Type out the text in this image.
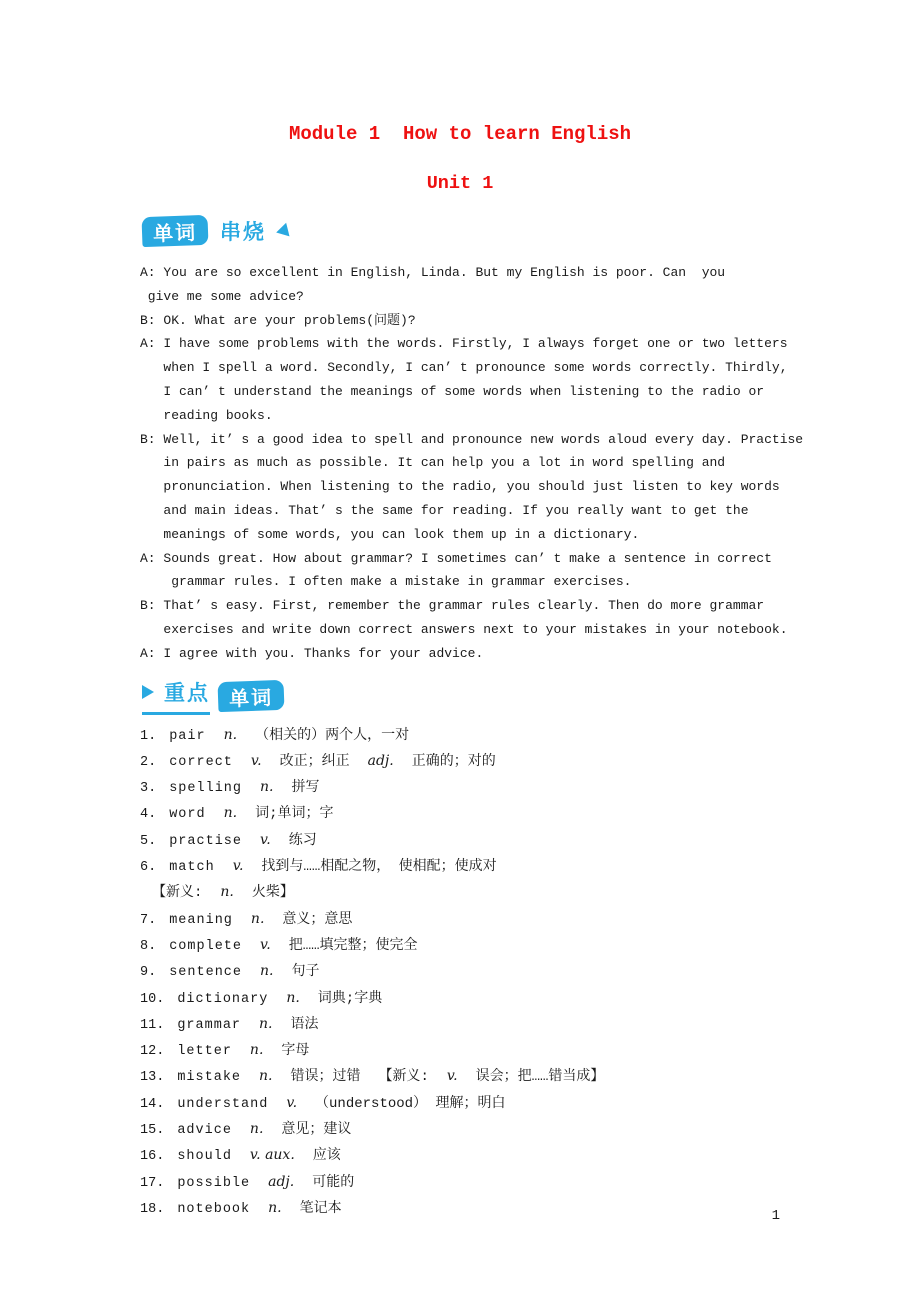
Module 1  How to learn English
Unit 1
单词	串烧
A: You are so excellent in English, Linda. But my English is poor. Can  you
give me some advice?
B: OK. What are your problems(问题)?
A: I have some problems with the words. Firstly, I always forget one or two letters
when I spell a word. Secondly, I can’ t pronounce some words correctly. Thirdly,
I can’ t understand the meanings of some words when listening to the radio or
reading books.
B: Well, it’ s a good idea to spell and pronounce new words aloud every day. Practise
in pairs as much as possible. It can help you a lot in word spelling and
pronunciation. When listening to the radio, you should just listen to key words
and main ideas. That’ s the same for reading. If you really want to get the
meanings of some words, you can look them up in a dictionary.
A: Sounds great. How about grammar? I sometimes can’ t make a sentence in correct
grammar rules. I often make a mistake in grammar exercises.
B: That’ s easy. First, remember the grammar rules clearly. Then do more grammar
exercises and write down correct answers next to your mistakes in your notebook.
A: I agree with you. Thanks for your advice.
重点 单词
1. pair n. （相关的）两个人，一对
2. correct v. 改正；纠正 adj. 正确的；对的
3. spelling n. 拼写
4. word n. 词;单词；字
5. practise v. 练习
6. match v. 找到与……相配之物， 使相配；使成对
【新义: n. 火柴】
7. meaning n. 意义；意思
8. complete v. 把……填完整；使完全
9. sentence n. 句子
10. dictionary n. 词典;字典
11. grammar n. 语法
12. letter n. 字母
13. mistake n. 错误；过错 【新义: v. 误会；把……错当成】
14. understand v. （understood） 理解；明白
15. advice n. 意见；建议
16. should v. aux. 应该
17. possible adj. 可能的
18. notebook n. 笔记本	1
